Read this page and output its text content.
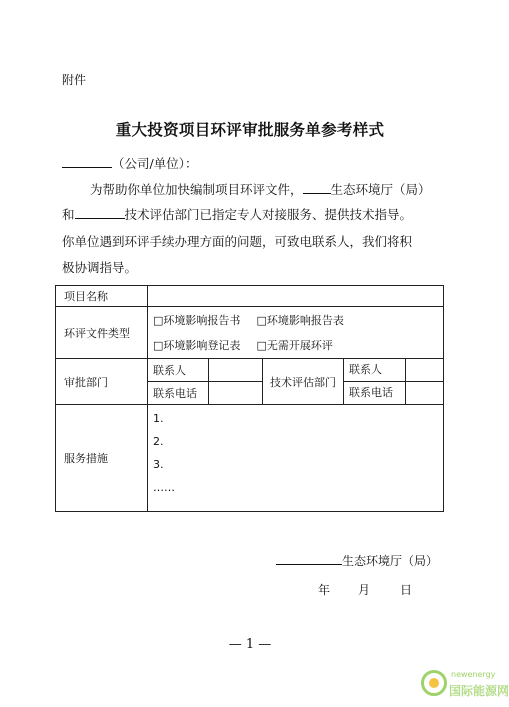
附件
重大投资项目环评审批服务单参考样式
（公司/单位）：
为帮助你单位加快编制项目环评文件， 生态环境厅（局）
和	技术评估部门已指定专人对接服务、提供技术指导。
你单位遇到环评手续办理方面的问题，可致电联系人，我们将积
极协调指导。
项目名称				
环评文件类型	□环境影响报告书 □环境影响报告表			
	□环境影响登记表 □无需开展环评			
审批部门	联系人		技术评估部门	联系人

	联系电话			联系电话

服务措施	1.
2.
3.
……			
生态环境厅（局）
年 月 日
— 1 —
newenergy
国际能源网
